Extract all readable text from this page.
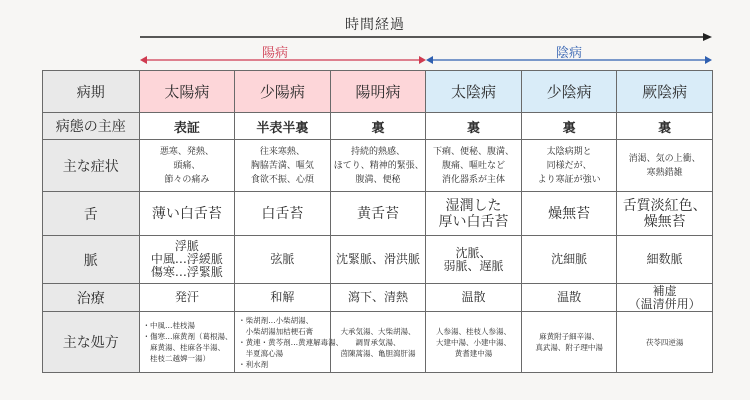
時間経過
陽病	陰病
病期	太陽病	少陽病	陽明病	太陰病	少陰病	厥陰病
病態の主座	表証	半表半裏	裏	裏	裏	裏
主な症状	悪寒、発熱、
頭痛、
節々の痛み	往来寒熱、
胸脇苦満、嘔気
食欲不振、心煩	持続的熱感、
ほてり、精神的緊張、
腹満、便秘	下痢、便秘、腹満、
腹痛、嘔吐など
消化器系が主体	太陰病期と
同様だが、
より寒証が強い	消渇、気の上衝、
寒熱錯雑

舌	薄い白舌苔	白舌苔	黄舌苔	湿潤した
厚い白舌苔	燥無苔	舌質淡紅色、
燥無苔

脈	浮脈
中風…浮緩脈
傷寒…浮緊脈	弦脈	沈緊脈、滑洪脈	沈脈、
弱脈、遅脈	沈細脈	細数脈

治療	発汗	和解	瀉下、清熱	温散	温散	補虚
（温清併用）

主な処方	・中風…桂枝湯
・傷寒…麻黄剤（葛根湯、
　麻黄湯、桂麻各半湯、
　桂枝二越婢一湯）	・柴胡剤…小柴胡湯、
　小柴胡湯加桔梗石膏
・黄連・黄芩剤…黄連解毒湯、
　半夏瀉心湯
・利水剤	大承気湯、大柴胡湯、
調胃承気湯、
茵陳蒿湯、亀胆瀉肝湯	人参湯、桂枝人参湯、
大建中湯、小建中湯、
黄耆建中湯	麻黄附子細辛湯、
真武湯、附子理中湯	茯苓四逆湯
